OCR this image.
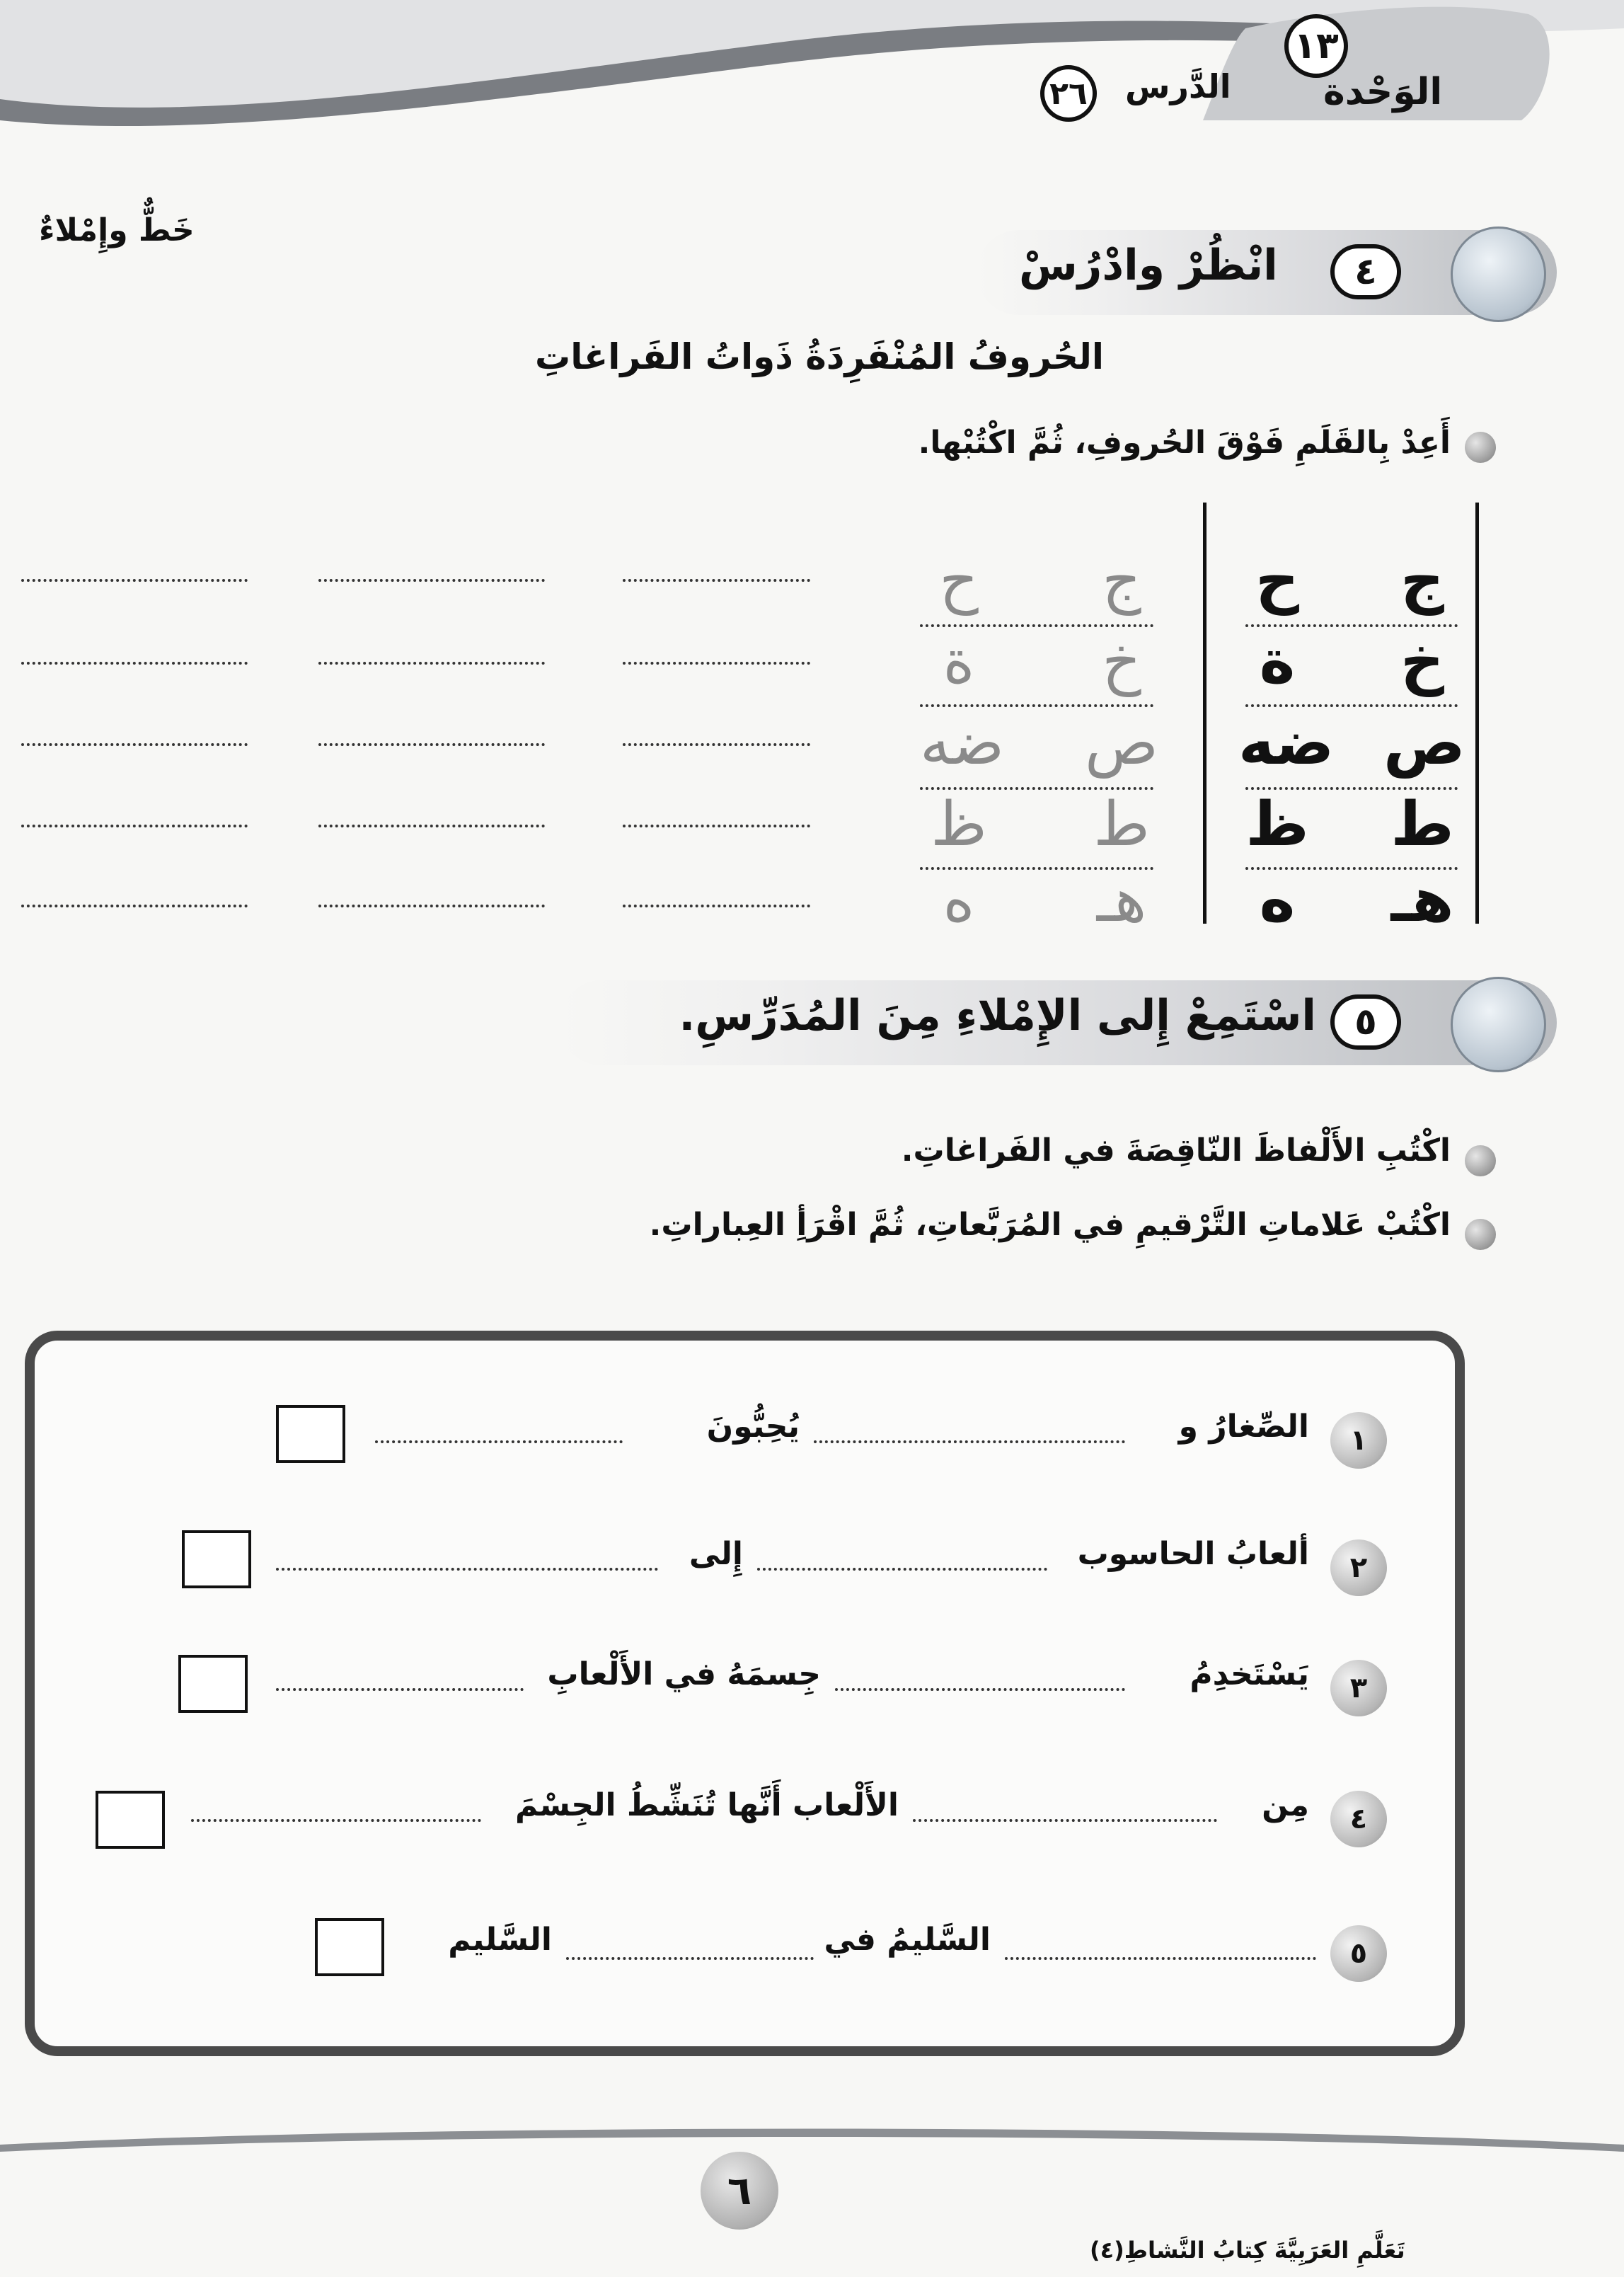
١٣
الوَحْدة
الدَّرس
٢٦
خَطٌّ وإِمْلاءٌ
٤
انْظُرْ وادْرُسْ
الحُروفُ المُنْفَرِدَةُ ذَواتُ الفَراغاتِ
أَعِدْ بِالقَلَمِ فَوْقَ الحُروفِ، ثُمَّ اكْتُبْها.
ج
ح
ج
ح
خ
ة
خ
ة
ص
ضه
ص
ضه
ط
ظ
ط
ظ
هـ
ه
هـ
ه
٥
اسْتَمِعْ إِلى الإِمْلاءِ مِنَ المُدَرِّسِ.
اكْتُبِ الأَلْفاظَ النّاقِصَةَ في الفَراغاتِ.
اكْتُبْ عَلاماتِ التَّرْقيمِ في المُرَبَّعاتِ، ثُمَّ اقْرَأِ العِباراتِ.
١
الصِّغارُ و
يُحِبُّونَ
٢
ألعابُ الحاسوب
إِلى
٣
يَسْتَخدِمُ
جِسمَهُ في الأَلْعابِ
٤
مِن
الأَلْعاب أَنَّها تُنَشِّطُ الجِسْمَ
٥
السَّليمُ في
السَّليم
٦
تَعَلَّمِ العَرَبِيَّةَ كِتابُ النَّشاطِ(٤)
